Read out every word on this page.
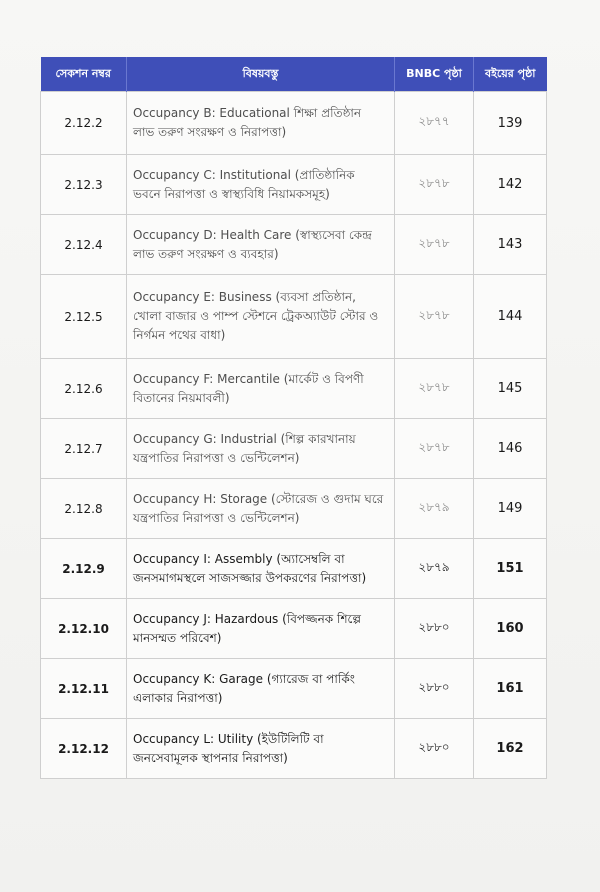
সেকশন নম্বর	বিষয়বস্তু	BNBC পৃষ্ঠা	বইয়ের পৃষ্ঠা
2.12.2	Occupancy B: Educational শিক্ষা প্রতিষ্ঠান লাভ তরুণ সংরক্ষণ ও নিরাপত্তা)	২৮৭৭	139
2.12.3	Occupancy C: Institutional (প্রাতিষ্ঠানিক ভবনে নিরাপত্তা ও স্বাস্থ্যবিধি নিয়ামকসমূহ)	২৮৭৮	142
2.12.4	Occupancy D: Health Care (স্বাস্থ্যসেবা কেন্দ্র লাভ তরুণ সংরক্ষণ ও ব্যবহার)	২৮৭৮	143
2.12.5	Occupancy E: Business (ব্যবসা প্রতিষ্ঠান, খোলা বাজার ও পাম্প স্টেশনে ট্রেকঅ্যাউট স্টোর ও নির্গমন পথের বাধা)	২৮৭৮	144
2.12.6	Occupancy F: Mercantile (মার্কেট ও বিপণী বিতানের নিয়মাবলী)	২৮৭৮	145
2.12.7	Occupancy G: Industrial (শিল্প কারখানায় যন্ত্রপাতির নিরাপত্তা ও ভেন্টিলেশন)	২৮৭৮	146
2.12.8	Occupancy H: Storage (স্টোরেজ ও গুদাম ঘরে যন্ত্রপাতির নিরাপত্তা ও ভেন্টিলেশন)	২৮৭৯	149
2.12.9	Occupancy I: Assembly (অ্যাসেম্বলি বা জনসমাগমস্থলে সাজসজ্জার উপকরণের নিরাপত্তা)	২৮৭৯	151
2.12.10	Occupancy J: Hazardous (বিপজ্জনক শিল্পে মানসম্মত পরিবেশ)	২৮৮০	160
2.12.11	Occupancy K: Garage (গ্যারেজ বা পার্কিং এলাকার নিরাপত্তা)	২৮৮০	161
2.12.12	Occupancy L: Utility (ইউটিলিটি বা জনসেবামূলক স্থাপনার নিরাপত্তা)	২৮৮০	162
